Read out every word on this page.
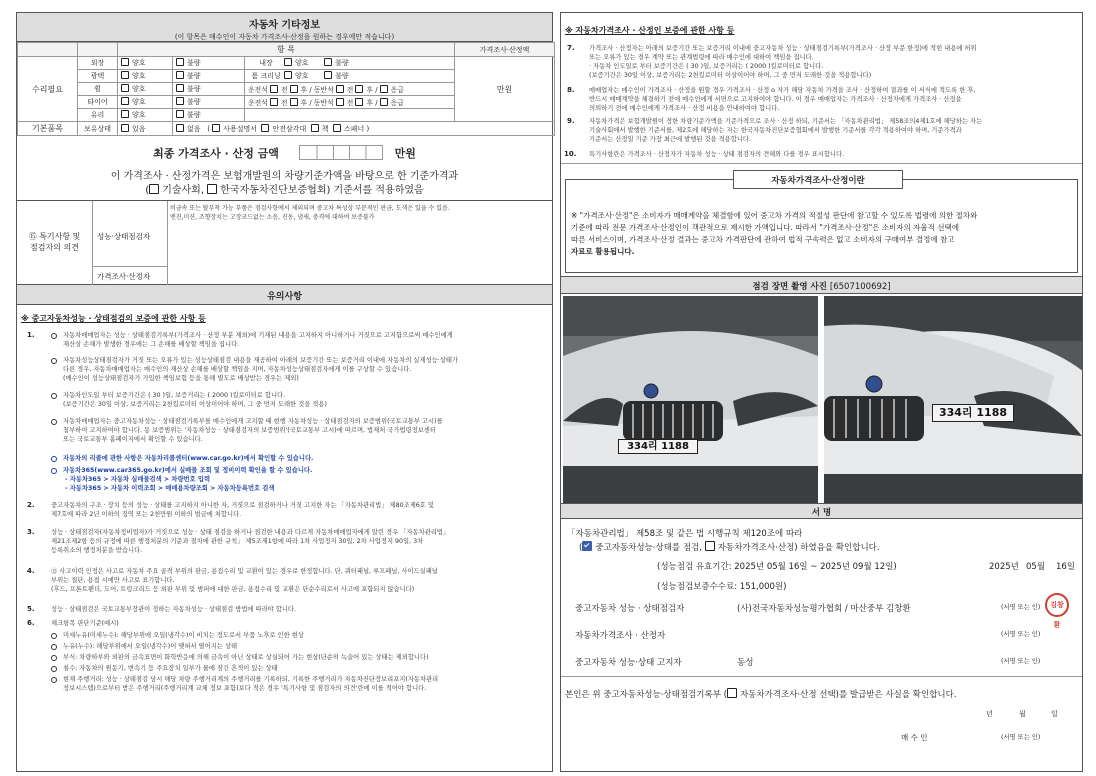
자동차 기타정보
(이 항목은 매수인이 자동차 가격조사·산정을 원하는 경우에만 적습니다)
		항 목			가격조사·산정액
수리필요	외장	양호	불량	내장 양호 불량	만원
	광택	양호	불량	룸 크리닝 양호 불량	
	휠	양호	불량	운전석 전 후 / 동반석 전 후 / 응급	
	타이어	양호	불량	운전석 전 후 / 동반석 전 후 / 응급	
	유리	양호	불량		
기본품목	보유상태	있음	없음   ( 사용설명서 안전삼각대 책 스패너 )		
최종 가격조사 · 산정 금액	만원
이 가격조사 · 산정가격은 보험개발원의 차량기준가액을 바탕으로 한 기준가격과
( 기술사회, 한국자동차진단보증협회) 기준서를 적용하였음
⑮ 특기사항 및
점검자의 의견
성능·상태점검자
비금속 또는 탈부착 가능 부품은 점검사항에서 제외되며 중고차 특성상 부분적인 판금, 도색은 있을 수 있음.
엔진,미션, 조향장치는 고장코드없는 소음, 진동, 냄새, 충격에 대하여 보증불가
가격조사·산정자
유의사항
※ 중고자동차성능 · 상태점검의 보증에 관한 사항 등
1.	자동차매매업자는 성능 · 상태점검기록부(가격조사 · 산정 부분 제외)에 기재된 내용을 고지하지 아니하거나 거짓으로 고지함으로써 매수인에게
재산상 손해가 발생한 경우에는 그 손해를 배상할 책임을 집니다.
자동차성능상태점검자가 거짓 또는 오류가 있는 성능상태점검 내용을 제공하여 아래의 보증기간 또는 보증거리 이내에 자동차의 실제성능·상태가
다른 경우, 자동차매매업자는 매수인의 재산상 손해를 배상할 책임을 지며, 자동차성능상태점검자에게 이를 구상할 수 있습니다.
(매수인이 성능상태점검자가 가입한 책임보험 등을 통해 별도로 배상받는 경우는 제외)
자동차인도일 부터 보증기간은 ( 30 )일, 보증거리는 ( 2000 )킬로미터로 합니다.
(보증기간은 30일 이상, 보증거리는 2천킬로미터 이상이어야 하며, 그 중 먼저 도래한 것을 적용)
자동차매매업자는 중고자동차성능 · 상태점검기록부를 매수인에게 고지할 때 현행 자동차성능 · 상태점검자의 보증범위(국토교통부 고시)를
첨부하여 고지하여야 합니다. 동 보증범위는 '자동차성능 · 상태점검자의 보증범위'(국토교통부 고시)에 따르며, 법제처 국가법령정보센터
또는 국토교통부 홈페이지에서 확인할 수 있습니다.
자동차의 리콜에 관한 사항은 자동차리콜센터(www.car.go.kr)에서 확인할 수 있습니다.
자동차365(www.car365.go.kr)에서 실매물 조회 및 정비이력 확인을 할 수 있습니다.
- 자동차365 > 자동차 실매물검색 > 차량번호 입력
- 자동차365 > 자동차 이력조회 > 매매용차량조회 > 자동차등록번호 검색
2.	중고자동차의 구조 · 장치 등의 성능 · 상태를 고지하지 아니한 자, 거짓으로 점검하거나 거짓 고지한 자는 「자동차관리법」 제80조제6호 및
제7호에 따라 2년 이하의 징역 또는 2천만원 이하의 벌금에 처합니다.
3.	성능 · 상태점검자(자동차정비업자)가 거짓으로 성능 · 상태 점검을 하거나 점검한 내용과 다르게 자동차매매업자에게 알린 경우 「자동차관리법」
제21조제2항 등의 규정에 따른 행정처분의 기준과 절차에 관한 규칙」 제5조제1항에 따라 1차 사업정지 30일, 2차 사업정지 90일, 3차
등록취소의 행정처분을 받습니다.
4.	⑫ 사고이력 인정은 사고로 자동차 주요 골격 부위의 판금, 용접수리 및 교환이 있는 경우로 한정합니다. 단, 쿼터패널, 루프패널, 사이드실패널
부위는 절단, 용접 시에만 사고로 표기합니다.
(후드, 프론트펜더, 도어, 트렁크리드 등 외판 부위 및 범퍼에 대한 판금, 용접수리 및 교환은 단순수리로서 사고에 포함되지 않습니다)
5.	성능 · 상태점검은 국토교통부장관이 정하는 자동차성능 · 상태점검 방법에 따라야 합니다.
6.	체크항목 판단기준(예시)
미세누유(미세누수): 해당부위에 오일(냉각수)이 비치는 정도로서 부품 노후로 인한 현상
누유(누수): 해당부위에서 오일(냉각수)이 맺혀서 떨어지는 상태
부식: 차량하부와 외판의 금속표면이 화학반응에 의해 금속이 아닌 상태로 상실되어 가는 현상(단순히 녹슬어 있는 상태는 제외합니다)
침수: 자동차의 원동기, 변속기 등 주요장치 일부가 물에 잠긴 흔적이 있는 상태
현재 주행거리: 성능 · 상태점검 당시 해당 차량 주행거리계의 주행거리를 기록하되, 기록한 주행거리가 자동차진단정보리포지(자동차관리
정보시스템)으로부터 받은 주행거리(주행거리계 교체 정보 포함)보다 적은 경우 '특기사항 및 점검자의 의견'란에 이를 적어야 합니다.
※ 자동차가격조사 · 산정인 보증에 관한 사항 등
7. 가격조사 · 산정자는 아래의 보증기간 또는 보증거리 이내에 중고자동차 성능 · 상태점검기록부(가격조사 · 산정 부문 한정)에 적힌 내용에 허위
또는 오류가 있는 경우 계약 또는 관계법령에 따라 매수인에 대하여 책임을 집니다.
· 자동차 인도일로 부터 보증기간은 ( 30 )일, 보증거리는 ( 2000 )킬로미터로 합니다.
(보증기간은 30일 이상, 보증거리는 2천킬로미터 이상이어야 하며, 그 중 먼저 도래한 것을 적용합니다)
8. 매매업자는 매수인이 가격조사 · 산정을 원할 경우 가격조사 · 산정 o 자가 해당 자동차 가격을 조사 · 산정하여 결과를 이 서식에 적도록 한 후,
반드시 매매계약을 체결하기 전에 매수인에게 서면으로 고지하여야 합니다. 이 경우 매매업자는 가격조사 · 산정자에게 가격조사 · 산정을
의뢰하기 전에 매수인에게 가격조사 · 산정 비용을 안내하여야 합니다.
9. 자동차가격은 보험개발원이 정한 차량기준가액을 기준가격으로 조사 · 산정 하되, 기준서는 「자동차관리법」 제58조의4제1호에 해당하는 자는
기술사회에서 발행한 기준서를, 제2호에 해당하는 자는 한국자동차진단보증협회에서 발행한 기준서를 각각 적용하여야 하며, 기준가격과
기준서는 산정일 기준 가장 최근에 발행된 것을 적용합니다.
10. 특기사항란은 가격조사 · 산정자가 자동차 성능 · 상태 점검자의 견해와 다를 경우 표시합니다.
자동차가격조사·산정이란
※ "가격조사·산정"은 소비자가 매매계약을 체결함에 있어 중고차 가격의 적절성 판단에 참고할 수 있도록 법령에 의한 절차와
기준에 따라 전문 가격조사·산정인이 객관적으로 제시한 가액입니다. 따라서 "가격조사·산정"은 소비자의 자율적 선택에
따른 서비스이며, 가격조사·산정 결과는 중고차 가격판단에 관하여 법적 구속력은 없고 소비자의 구매여부 결정에 참고
자료로 활용됩니다.
점검 장면 촬영 사진 [6507100692]
334리 1188
334리 1188
서 명
「자동차관리법」 제58조 및 같은 법 시행규칙 제120조에 따라
( 중고자동차성능·상태를 점검, 자동차가격조사·산정) 하였음을 확인합니다.
(성능점검 유효기간: 2025년 05월 16일 ~ 2025년 09월 12일)	2025년 05월 16일
(성능점검보증수수료: 151,000원)
중고자동차 성능 · 상태점검자	(사)전국자동차성능평가협회 / 마산중부 김창환	(서명 또는 인)	김창환
자동차가격조사 · 산정자	(서명 또는 인)
중고자동차 성능·상태 고지자	동성	(서명 또는 인)
본인은 위 중고자동차성능·상태점검기록부 ( 자동차가격조사·산정 선택)를 발급받은 사실을 확인합니다.
년	월	일
매 수 인	(서명 또는 인)
